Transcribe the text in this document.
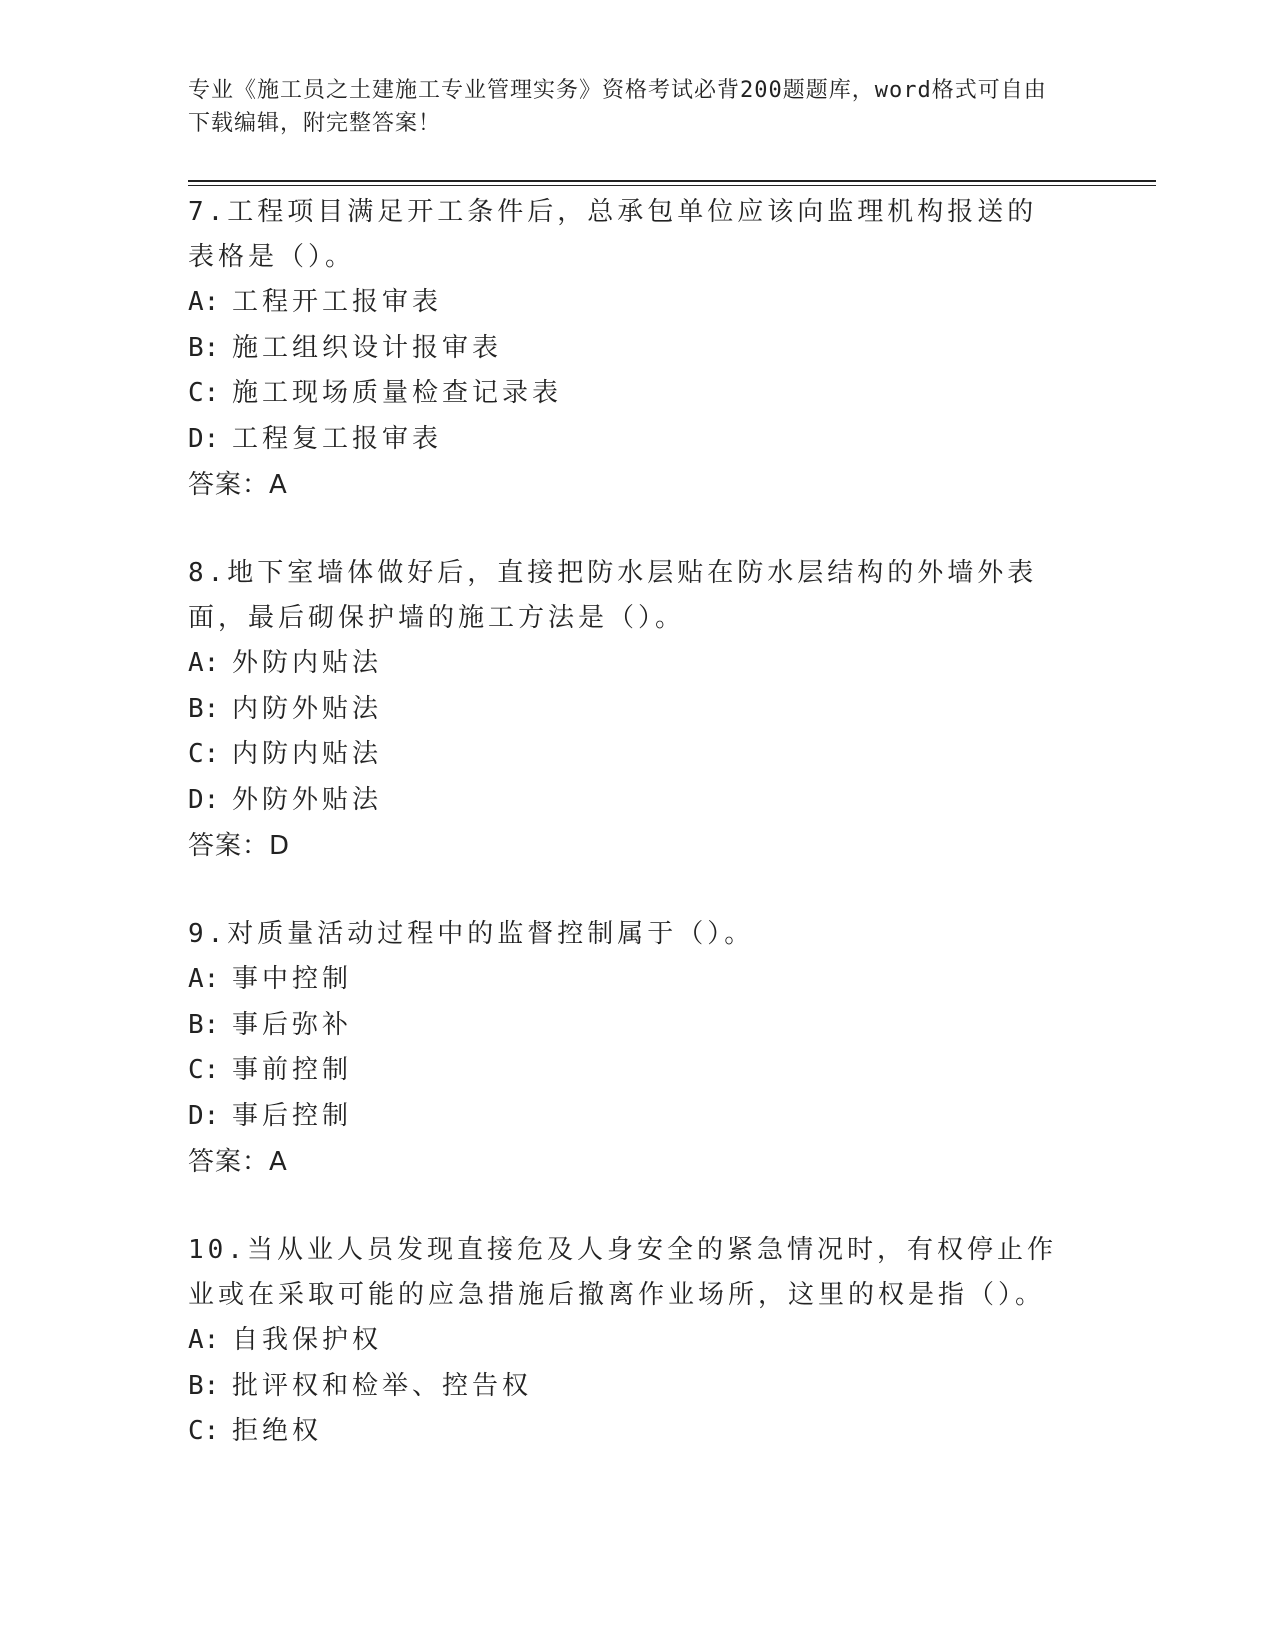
专业《施工员之土建施工专业管理实务》资格考试必背200题题库，word格式可自由下载编辑，附完整答案！

7.工程项目满足开工条件后，总承包单位应该向监理机构报送的表格是（）。

A: 工程开工报审表

B: 施工组织设计报审表

C: 施工现场质量检查记录表

D: 工程复工报审表

答案：A

8.地下室墙体做好后，直接把防水层贴在防水层结构的外墙外表面，最后砌保护墙的施工方法是（）。

A: 外防内贴法

B: 内防外贴法

C: 内防内贴法

D: 外防外贴法

答案：D

9.对质量活动过程中的监督控制属于（）。

A: 事中控制

B: 事后弥补

C: 事前控制

D: 事后控制

答案：A

10.当从业人员发现直接危及人身安全的紧急情况时，有权停止作业或在采取可能的应急措施后撤离作业场所，这里的权是指（）。

A: 自我保护权

B: 批评权和检举、控告权

C: 拒绝权
